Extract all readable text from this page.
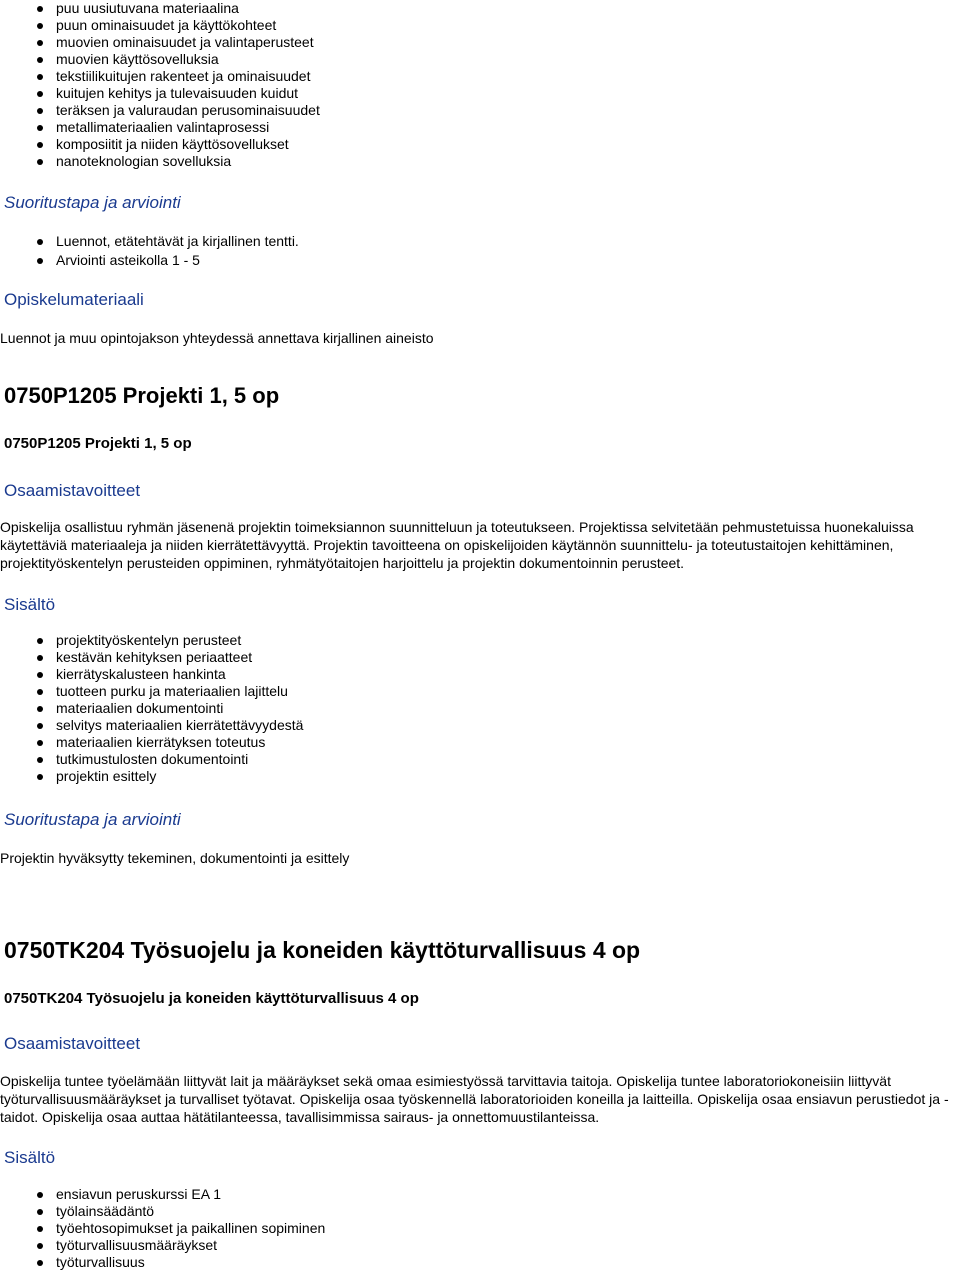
puu uusiutuvana materiaalina
puun ominaisuudet ja käyttökohteet
muovien ominaisuudet ja valintaperusteet
muovien käyttösovelluksia
tekstiilikuitujen rakenteet ja ominaisuudet
kuitujen kehitys ja tulevaisuuden kuidut
teräksen ja valuraudan perusominaisuudet
metallimateriaalien valintaprosessi
komposiitit ja niiden käyttösovellukset
nanoteknologian sovelluksia
Suoritustapa ja arviointi
Luennot, etätehtävät ja kirjallinen tentti.
Arviointi asteikolla 1 - 5
Opiskelumateriaali

Luennot ja muu opintojakson yhteydessä annettava kirjallinen aineisto

0750P1205 Projekti 1, 5 op
0750P1205 Projekti 1, 5 op
Osaamistavoitteet

Opiskelija osallistuu ryhmän jäsenenä projektin toimeksiannon suunnitteluun ja toteutukseen. Projektissa selvitetään pehmustetuissa huonekaluissa käytettäviä materiaaleja ja niiden kierrätettävyyttä. Projektin tavoitteena on opiskelijoiden käytännön suunnittelu- ja toteutustaitojen kehittäminen, projektityöskentelyn perusteiden oppiminen, ryhmätyötaitojen harjoittelu ja projektin dokumentoinnin perusteet.

Sisältö
projektityöskentelyn perusteet
kestävän kehityksen periaatteet
kierrätyskalusteen hankinta
tuotteen purku ja materiaalien lajittelu
materiaalien dokumentointi
selvitys materiaalien kierrätettävyydestä
materiaalien kierrätyksen toteutus
tutkimustulosten dokumentointi
projektin esittely
Suoritustapa ja arviointi

Projektin hyväksytty tekeminen, dokumentointi ja esittely

0750TK204 Työsuojelu ja koneiden käyttöturvallisuus 4 op
0750TK204 Työsuojelu ja koneiden käyttöturvallisuus 4 op
Osaamistavoitteet

Opiskelija tuntee työelämään liittyvät lait ja määräykset sekä omaa esimiestyössä tarvittavia taitoja. Opiskelija tuntee laboratoriokoneisiin liittyvät työturvallisuusmääräykset ja turvalliset työtavat. Opiskelija osaa työskennellä laboratorioiden koneilla ja laitteilla. Opiskelija osaa ensiavun perustiedot ja -taidot. Opiskelija osaa auttaa hätätilanteessa, tavallisimmissa sairaus- ja onnettomuustilanteissa.

Sisältö
ensiavun peruskurssi EA 1
työlainsäädäntö
työehtosopimukset ja paikallinen sopiminen
työturvallisuusmääräykset
työturvallisuus
